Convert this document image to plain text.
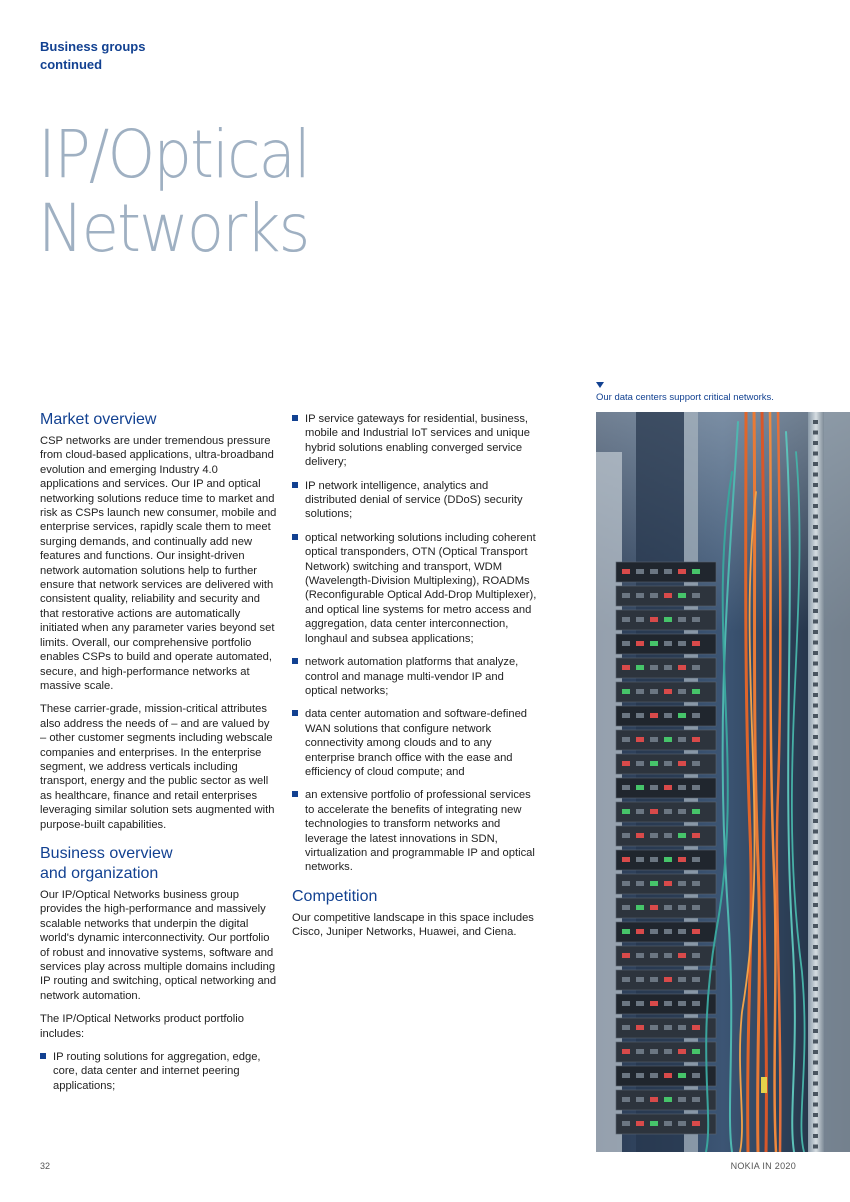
Business groups
continued
IP/Optical
Networks
Market overview

CSP networks are under tremendous pressure from cloud-based applications, ultra-broadband evolution and emerging Industry 4.0 applications and services. Our IP and optical networking solutions reduce time to market and risk as CSPs launch new consumer, mobile and enterprise services, rapidly scale them to meet surging demands, and continually add new features and functions. Our insight-driven network automation solutions help to further ensure that network services are delivered with consistent quality, reliability and security and that restorative actions are automatically initiated when any parameter varies beyond set limits. Overall, our comprehensive portfolio enables CSPs to build and operate automated, secure, and high-performance networks at massive scale.

These carrier-grade, mission-critical attributes also address the needs of – and are valued by – other customer segments including webscale companies and enterprises. In the enterprise segment, we address verticals including transport, energy and the public sector as well as healthcare, finance and retail enterprises leveraging similar solution sets augmented with purpose-built capabilities.

Business overview
and organization

Our IP/Optical Networks business group provides the high-performance and massively scalable networks that underpin the digital world's dynamic interconnectivity. Our portfolio of robust and innovative systems, software and services play across multiple domains including IP routing and switching, optical networking and network automation.

The IP/Optical Networks product portfolio includes:

IP routing solutions for aggregation, edge, core, data center and internet peering applications;
IP service gateways for residential, business, mobile and Industrial IoT services and unique hybrid solutions enabling converged service delivery;
IP network intelligence, analytics and distributed denial of service (DDoS) security solutions;
optical networking solutions including coherent optical transponders, OTN (Optical Transport Network) switching and transport, WDM (Wavelength-Division Multiplexing), ROADMs (Reconfigurable Optical Add-Drop Multiplexer), and optical line systems for metro access and aggregation, data center interconnection, longhaul and subsea applications;
network automation platforms that analyze, control and manage multi-vendor IP and optical networks;
data center automation and software-defined WAN solutions that configure network connectivity among clouds and to any enterprise branch office with the ease and efficiency of cloud compute; and
an extensive portfolio of professional services to accelerate the benefits of integrating new technologies to transform networks and leverage the latest innovations in SDN, virtualization and programmable IP and optical networks.
Competition

Our competitive landscape in this space includes Cisco, Juniper Networks, Huawei, and Ciena.

Our data centers support critical networks.
32	NOKIA IN 2020
